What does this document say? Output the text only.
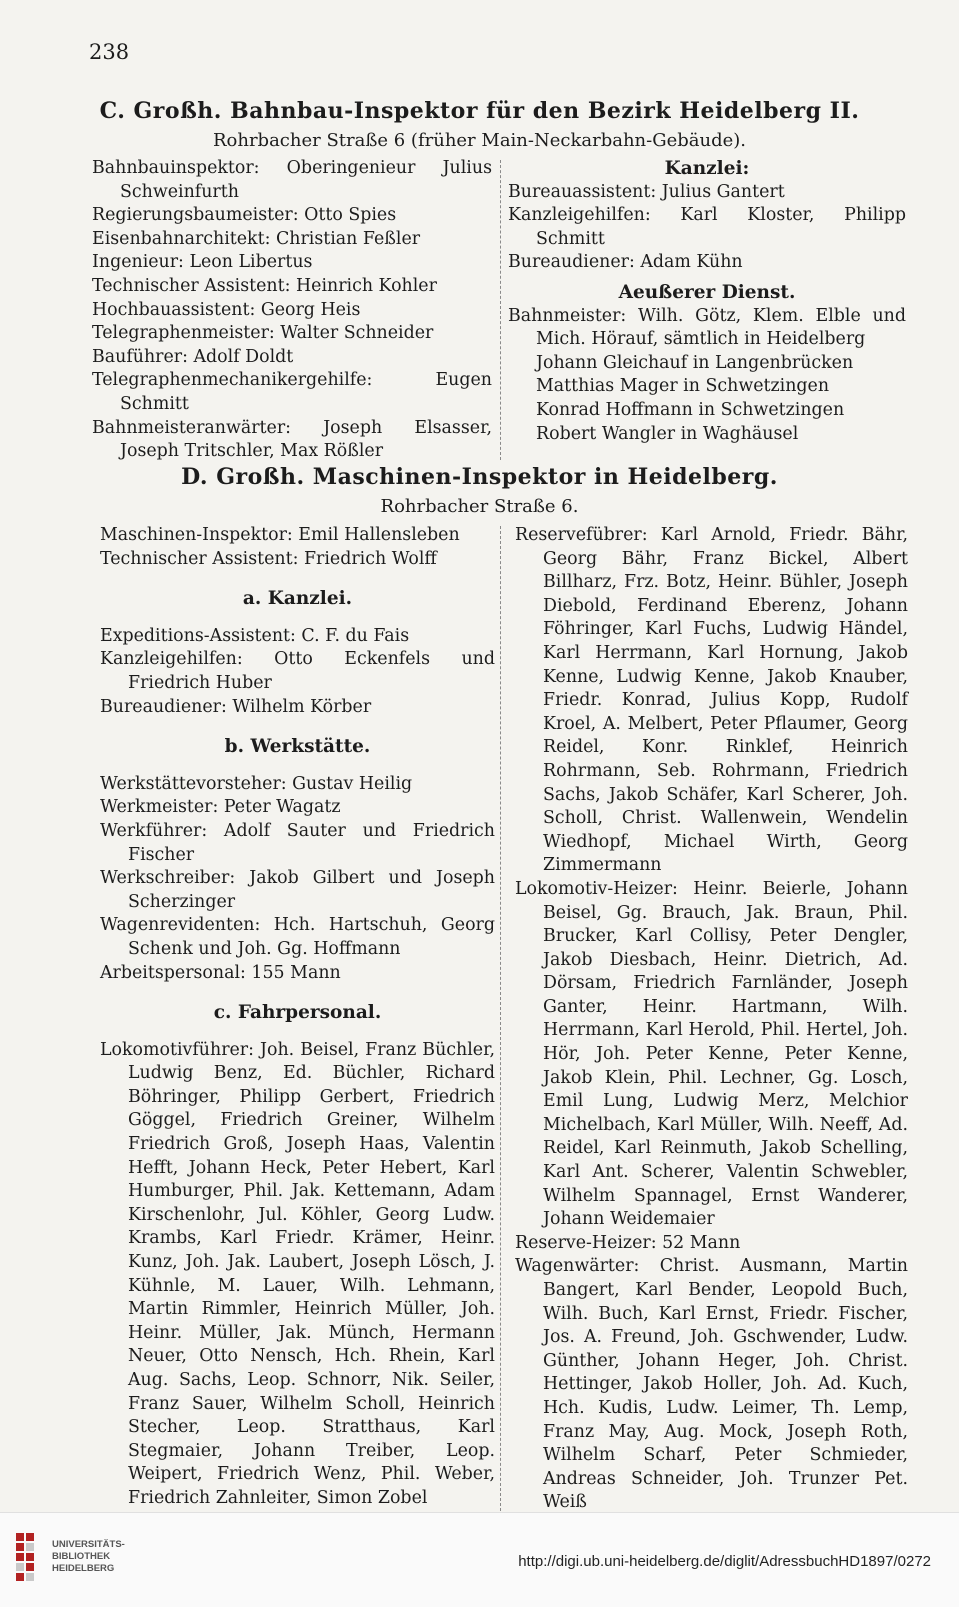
238
C. Großh. Bahnbau-Inspektor für den Bezirk Heidelberg II.
Rohrbacher Straße 6 (früher Main-Neckarbahn-Gebäude).

Bahnbauinspektor: Oberingenieur Julius Schweinfurth

Regierungsbaumeister: Otto Spies

Eisenbahnarchitekt: Christian Feßler

Ingenieur: Leon Libertus

Technischer Assistent: Heinrich Kohler

Hochbauassistent: Georg Heis

Telegraphenmeister: Walter Schneider

Bauführer: Adolf Doldt

Telegraphenmechanikergehilfe: Eugen Schmitt

Bahnmeisteranwärter: Joseph Elsasser, Joseph Tritschler, Max Rößler

Kanzlei:

Bureauassistent: Julius Gantert

Kanzleigehilfen: Karl Kloster, Philipp Schmitt

Bureaudiener: Adam Kühn

Aeußerer Dienst.

Bahnmeister: Wilh. Götz, Klem. Elble und Mich. Hörauf, sämtlich in Heidelberg

Johann Gleichauf in Langenbrücken

Matthias Mager in Schwetzingen

Konrad Hoffmann in Schwetzingen

Robert Wangler in Waghäusel

D. Großh. Maschinen-Inspektor in Heidelberg.
Rohrbacher Straße 6.

Maschinen-Inspektor: Emil Hallensleben

Technischer Assistent: Friedrich Wolff

a. Kanzlei.

Expeditions-Assistent: C. F. du Fais

Kanzleigehilfen: Otto Eckenfels und Friedrich Huber

Bureaudiener: Wilhelm Körber

b. Werkstätte.

Werkstättevorsteher: Gustav Heilig

Werkmeister: Peter Wagatz

Werkführer: Adolf Sauter und Friedrich Fischer

Werkschreiber: Jakob Gilbert und Joseph Scherzinger

Wagenrevidenten: Hch. Hartschuh, Georg Schenk und Joh. Gg. Hoffmann

Arbeitspersonal: 155 Mann

c. Fahrpersonal.

Lokomotivführer: Joh. Beisel, Franz Büchler, Ludwig Benz, Ed. Büchler, Richard Böhringer, Philipp Gerbert, Friedrich Göggel, Friedrich Greiner, Wilhelm Friedrich Groß, Joseph Haas, Valentin Hefft, Johann Heck, Peter Hebert, Karl Humburger, Phil. Jak. Kettemann, Adam Kirschenlohr, Jul. Köhler, Georg Ludw. Krambs, Karl Friedr. Krämer, Heinr. Kunz, Joh. Jak. Laubert, Joseph Lösch, J. Kühnle, M. Lauer, Wilh. Lehmann, Martin Rimmler, Heinrich Müller, Joh. Heinr. Müller, Jak. Münch, Hermann Neuer, Otto Nensch, Hch. Rhein, Karl Aug. Sachs, Leop. Schnorr, Nik. Seiler, Franz Sauer, Wilhelm Scholl, Heinrich Stecher, Leop. Stratthaus, Karl Stegmaier, Johann Treiber, Leop. Weipert, Friedrich Wenz, Phil. Weber, Friedrich Zahnleiter, Simon Zobel

Reservefübrer: Karl Arnold, Friedr. Bähr, Georg Bähr, Franz Bickel, Albert Billharz, Frz. Botz, Heinr. Bühler, Joseph Diebold, Ferdinand Eberenz, Johann Föhringer, Karl Fuchs, Ludwig Händel, Karl Herrmann, Karl Hornung, Jakob Kenne, Ludwig Kenne, Jakob Knauber, Friedr. Konrad, Julius Kopp, Rudolf Kroel, A. Melbert, Peter Pflaumer, Georg Reidel, Konr. Rinklef, Heinrich Rohrmann, Seb. Rohrmann, Friedrich Sachs, Jakob Schäfer, Karl Scherer, Joh. Scholl, Christ. Wallenwein, Wendelin Wiedhopf, Michael Wirth, Georg Zimmermann

Lokomotiv-Heizer: Heinr. Beierle, Johann Beisel, Gg. Brauch, Jak. Braun, Phil. Brucker, Karl Collisy, Peter Dengler, Jakob Diesbach, Heinr. Dietrich, Ad. Dörsam, Friedrich Farnländer, Joseph Ganter, Heinr. Hartmann, Wilh. Herrmann, Karl Herold, Phil. Hertel, Joh. Hör, Joh. Peter Kenne, Peter Kenne, Jakob Klein, Phil. Lechner, Gg. Losch, Emil Lung, Ludwig Merz, Melchior Michelbach, Karl Müller, Wilh. Neeff, Ad. Reidel, Karl Reinmuth, Jakob Schelling, Karl Ant. Scherer, Valentin Schwebler, Wilhelm Spannagel, Ernst Wanderer, Johann Weidemaier

Reserve-Heizer: 52 Mann

Wagenwärter: Christ. Ausmann, Martin Bangert, Karl Bender, Leopold Buch, Wilh. Buch, Karl Ernst, Friedr. Fischer, Jos. A. Freund, Joh. Gschwender, Ludw. Günther, Johann Heger, Joh. Christ. Hettinger, Jakob Holler, Joh. Ad. Kuch, Hch. Kudis, Ludw. Leimer, Th. Lemp, Franz May, Aug. Mock, Joseph Roth, Wilhelm Scharf, Peter Schmieder, Andreas Schneider, Joh. Trunzer Pet. Weiß

UNIVERSITÄTS-
BIBLIOTHEK
HEIDELBERG	http://digi.ub.uni-heidelberg.de/diglit/AdressbuchHD1897/0272
